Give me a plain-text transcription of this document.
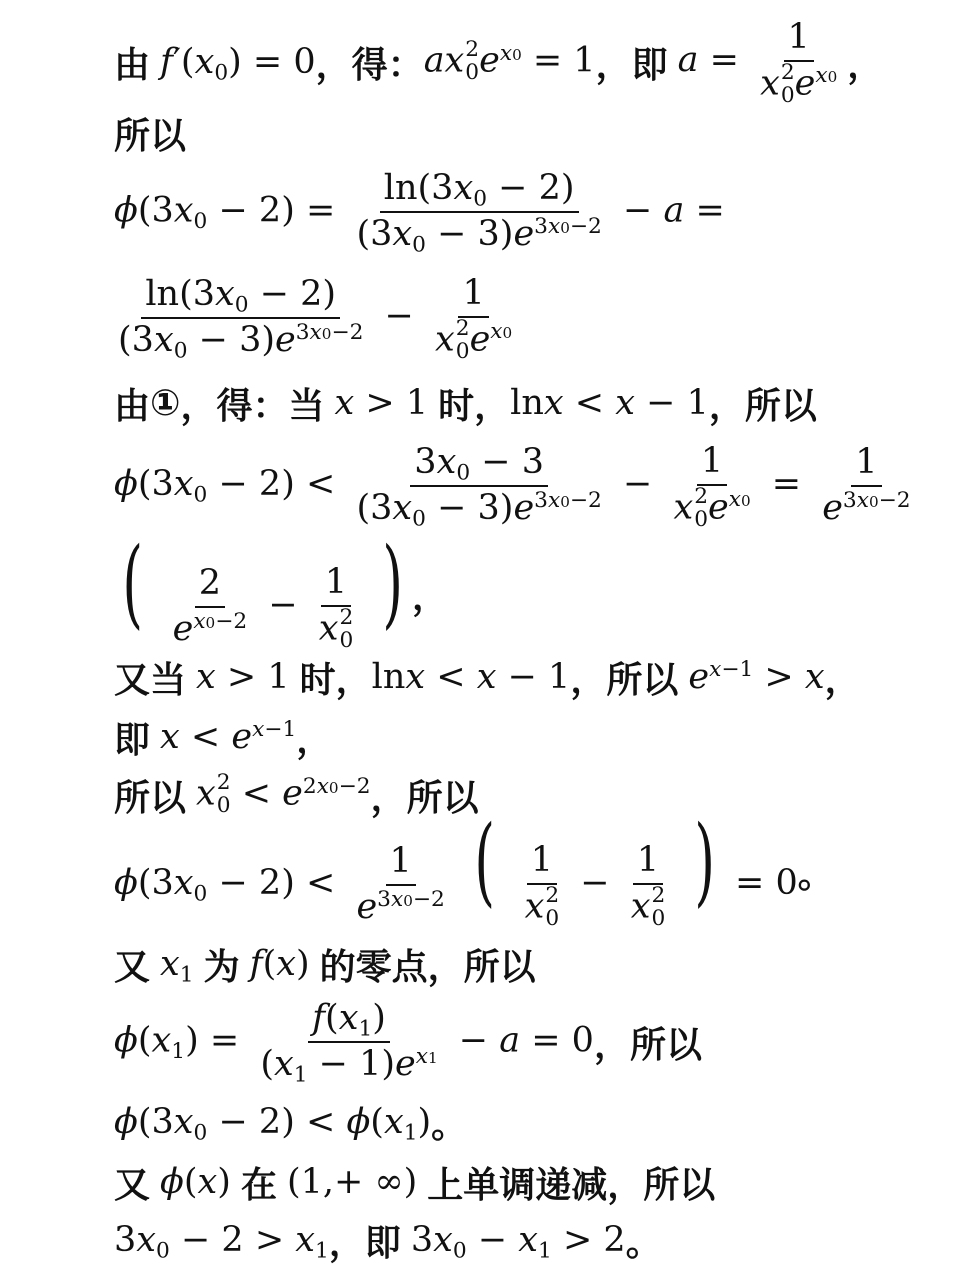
由 $f'(x_0) = 0$ ， 得： ax 2
0 $e^{x0} = 1$ ， 即 a = 1
x 2
0 $e^{x0}$ ，
所以
$\phi(3x_0 - 2) = \frac{\ln(3x_0 - 2)}{(3x_0 - 3)e^{3x0-2}} - a$ =
$\frac{\ln(3x_0 - 2)}{(3x_0 - 3)e^{3x0-2}} - 1$
x 2
0 $e^{x0}$
由 ① ， 得： 当 x > 1 时， lnx < x − 1 ， 所以
$\phi(3x_0 - 2) < \frac{3x_0 - 3}{(3x_0 - 3)e^{3x0-2}} - 1$
x 2
0 $e^{x0} = \frac{1}{e^{3x0-2}}$
( $\frac{2}{e^{x0-2}} - 1$
x 2
0 ) ，
又当 x > 1 时， lnx < x − 1 ， 所以 $e^{x-1} > x$ ，
即 $x < e^{x-1}$ ，
所以 x 2
$0 < e^{2x0-2}$ ， 所以
$\phi(3x_0 - 2) < \frac{1}{e^{3x0-2}}$ ( 1
x 2
0 − 1
x 2
0 ) = 0 。
又 $x_1$ 为 f(x) 的零点，所以
$\phi(x_1) = \frac{f(x_1)}{(x_1 - 1)e^{x1}} - a = 0$ ， 所以
$\phi(3x_0 - 2) < \phi(x_1)$ 。
又 ϕ(x) 在 (1,+ ∞) 上单调递减，所以
$3x_0 - 2 > x_1$ ， 即 $3x_0 - x_1 > 2$ 。
